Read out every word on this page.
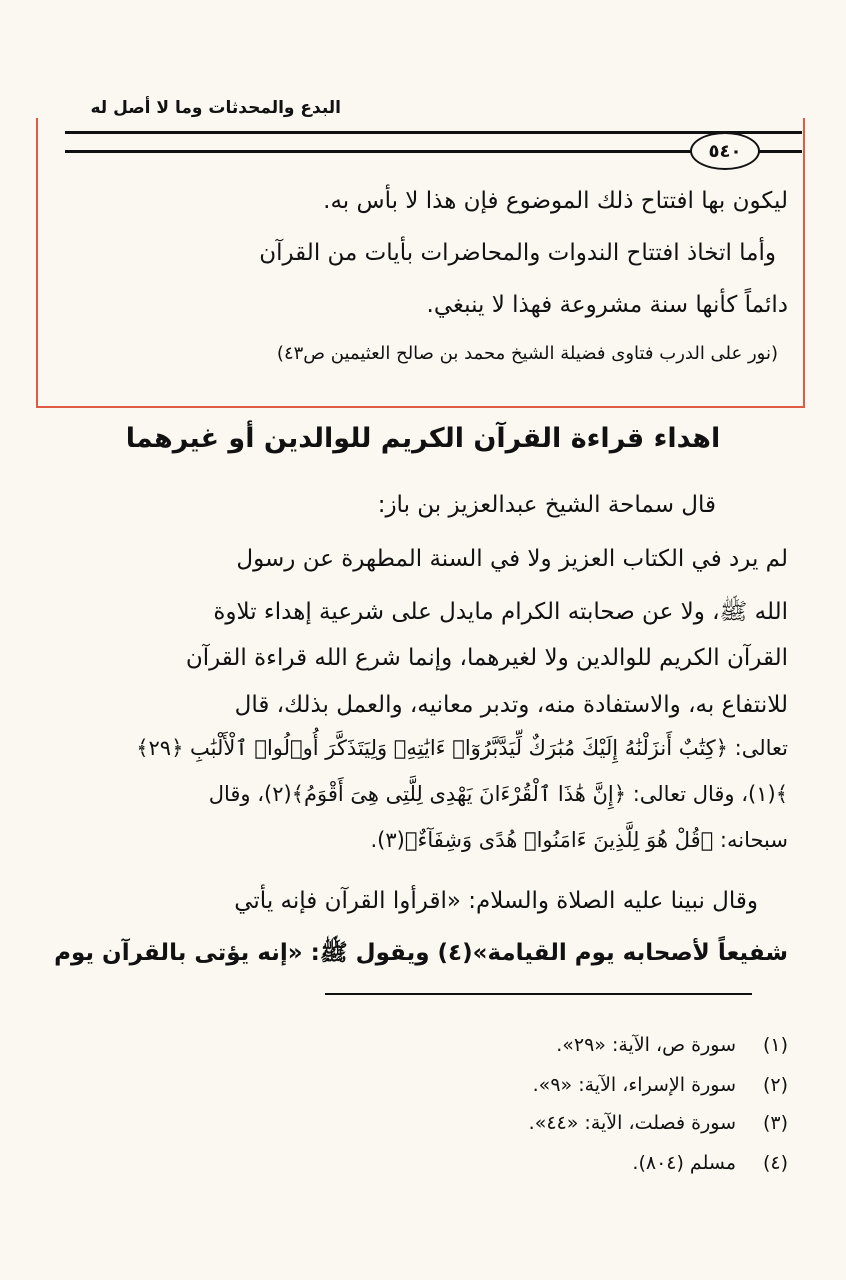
البدع والمحدثات وما لا أصل له
٥٤٠
ليكون بها افتتاح ذلك الموضوع فإن هذا لا بأس به.
وأما اتخاذ افتتاح الندوات والمحاضرات بأيات من القرآن
دائماً كأنها سنة مشروعة فهذا لا ينبغي.
(نور على الدرب فتاوى فضيلة الشيخ محمد بن صالح العثيمين ص٤٣)
اهداء قراءة القرآن الكريم للوالدين أو غيرهما
قال سماحة الشيخ عبدالعزيز بن باز:
لم يرد في الكتاب العزيز ولا في السنة المطهرة عن رسول
الله ﷺ، ولا عن صحابته الكرام مايدل على شرعية إهداء تلاوة
القرآن الكريم للوالدين ولا لغيرهما، وإنما شرع الله قراءة القرآن
للانتفاع به، والاستفادة منه، وتدبر معانيه، والعمل بذلك، قال
تعالى: ﴿كِتَٰبٌ أَنزَلْنَٰهُ إِلَيْكَ مُبَٰرَكٌ لِّيَدَّبَّرُوٓا۟ ءَايَٰتِهِۦ وَلِيَتَذَكَّرَ أُو۟لُوا۟ ٱلْأَلْبَٰبِ ﴿٢٩﴾
﴾(١)، وقال تعالى: ﴿إِنَّ هَٰذَا ٱلْقُرْءَانَ يَهْدِى لِلَّتِى هِىَ أَقْوَمُ﴾(٢)، وقال
سبحانه: ﴿قُلْ هُوَ لِلَّذِينَ ءَامَنُوا۟ هُدًى وَشِفَآءٌ﴾(٣).
وقال نبينا عليه الصلاة والسلام: «اقرأوا القرآن فإنه يأتي
شفيعاً لأصحابه يوم القيامة»(٤) ويقول ﷺ: «إنه يؤتى بالقرآن يوم
(١)
سورة ص، الآية: «٢٩».
(٢)
سورة الإسراء، الآية: «٩».
(٣)
سورة فصلت، الآية: «٤٤».
(٤)
مسلم (٨٠٤).
